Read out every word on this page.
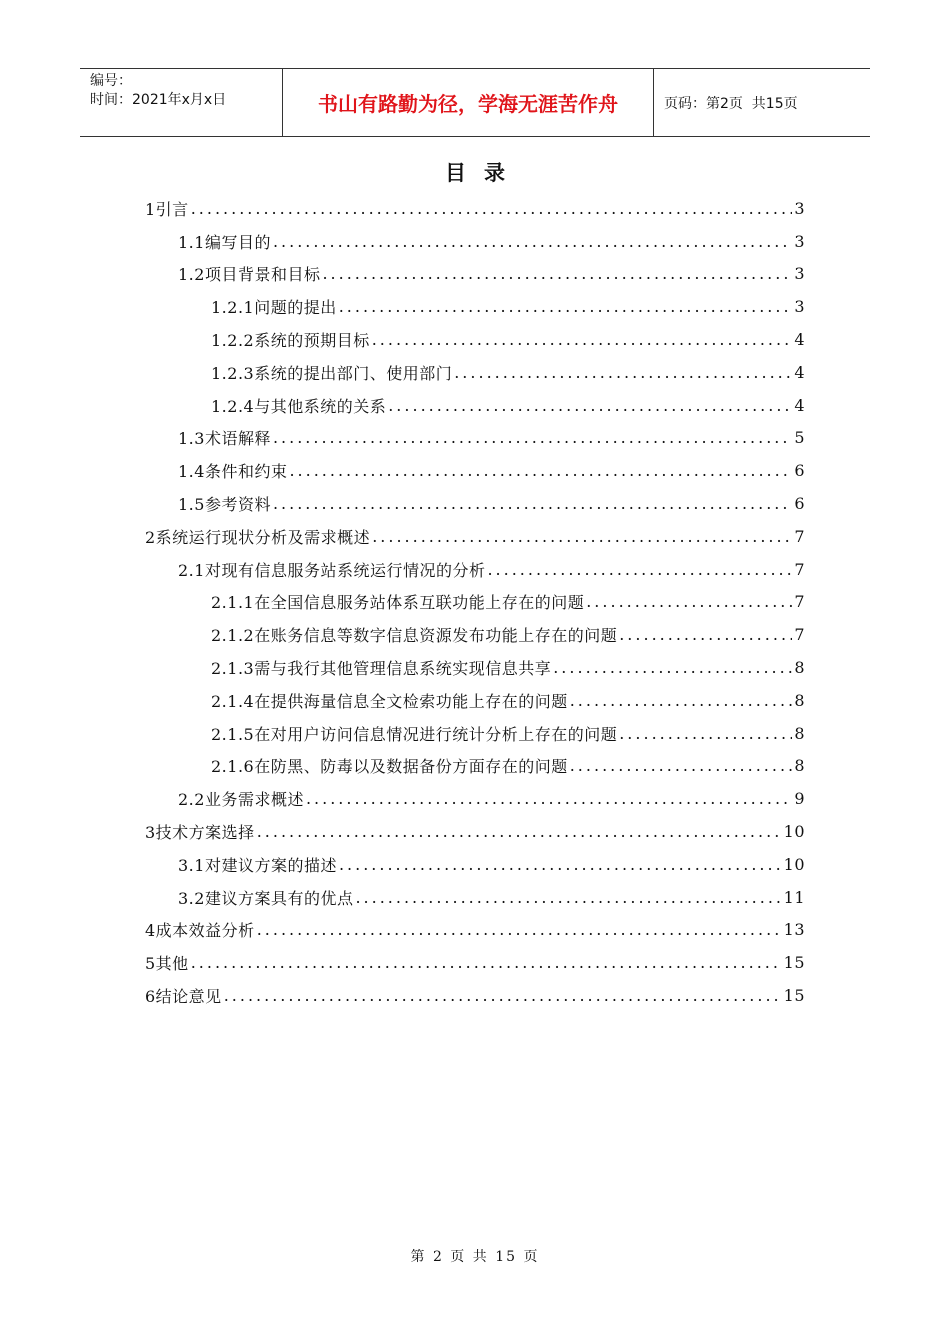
编号：
时间：2021年x月x日	书山有路勤为径，学海无涯苦作舟	页码：第2页  共15页
目录
1引言 .....	3
1.1编写目的 .....	3
1.2项目背景和目标 .....	3
1.2.1问题的提出 .....	3
1.2.2系统的预期目标 .....	4
1.2.3系统的提出部门、使用部门 .....	4
1.2.4与其他系统的关系 .....	4
1.3术语解释 .....	5
1.4条件和约束 .....	6
1.5参考资料 .....	6
2系统运行现状分析及需求概述 .....	7
2.1对现有信息服务站系统运行情况的分析 .....	7
2.1.1在全国信息服务站体系互联功能上存在的问题 .....	7
2.1.2在账务信息等数字信息资源发布功能上存在的问题 .....	7
2.1.3需与我行其他管理信息系统实现信息共享 .....	8
2.1.4在提供海量信息全文检索功能上存在的问题 .....	8
2.1.5在对用户访问信息情况进行统计分析上存在的问题 .....	8
2.1.6在防黑、防毒以及数据备份方面存在的问题 .....	8
2.2业务需求概述 .....	9
3技术方案选择 .....	10
3.1对建议方案的描述 .....	10
3.2建议方案具有的优点 .....	11
4成本效益分析 .....	13
5其他 .....	15
6结论意见 .....	15
第 2 页 共 15 页
